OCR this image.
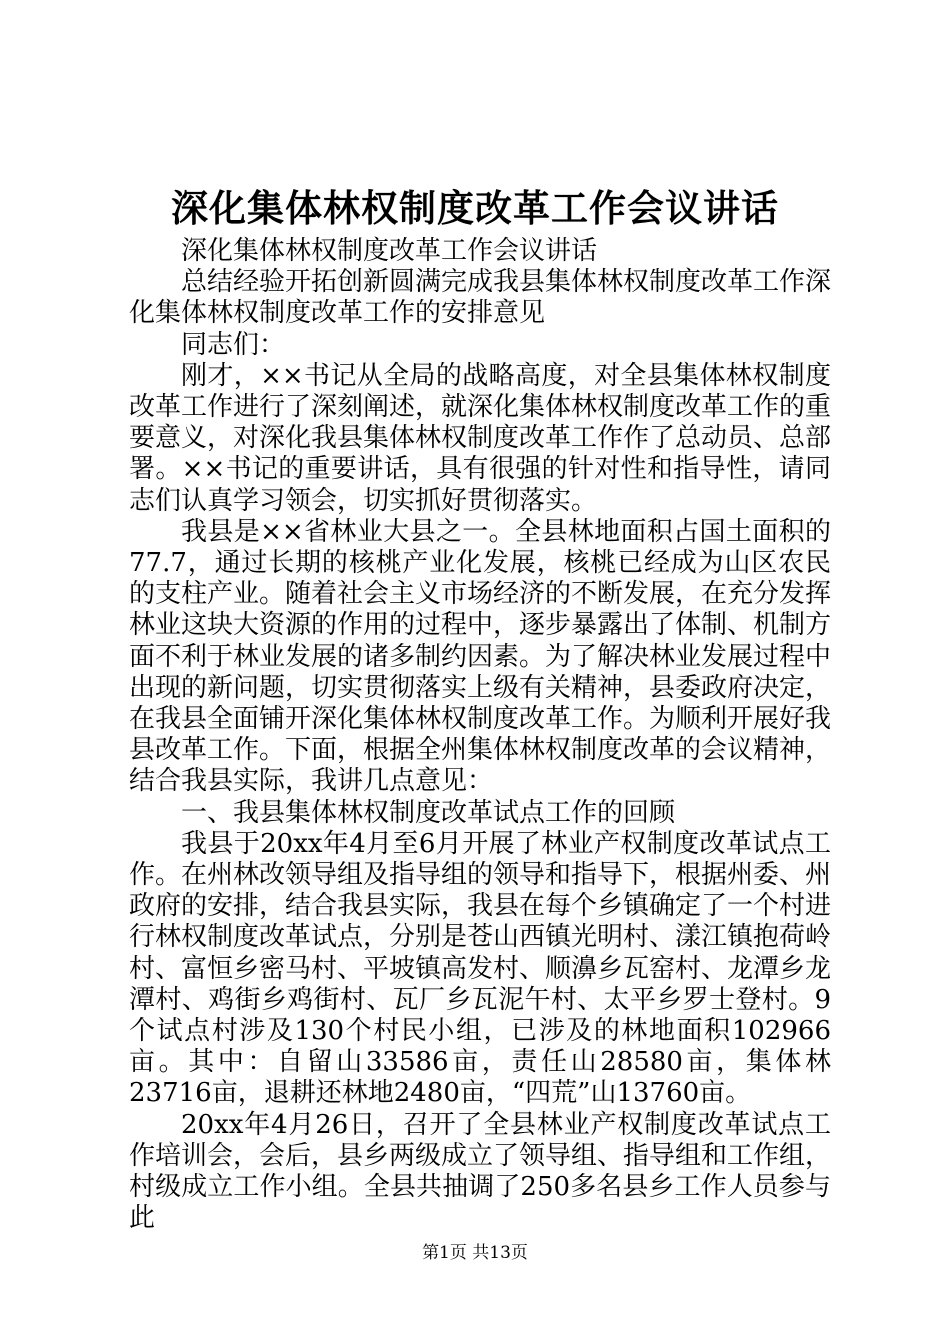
深化集体林权制度改革工作会议讲话

深化集体林权制度改革工作会议讲话

总结经验开拓创新圆满完成我县集体林权制度改革工作深化集体林权制度改革工作的安排意见

同志们：

刚才，××书记从全局的战略高度，对全县集体林权制度改革工作进行了深刻阐述，就深化集体林权制度改革工作的重要意义，对深化我县集体林权制度改革工作作了总动员、总部署。××书记的重要讲话，具有很强的针对性和指导性，请同志们认真学习领会，切实抓好贯彻落实。

我县是××省林业大县之一。全县林地面积占国土面积的77.7，通过长期的核桃产业化发展，核桃已经成为山区农民的支柱产业。随着社会主义市场经济的不断发展，在充分发挥林业这块大资源的作用的过程中，逐步暴露出了体制、机制方面不利于林业发展的诸多制约因素。为了解决林业发展过程中出现的新问题，切实贯彻落实上级有关精神，县委政府决定，在我县全面铺开深化集体林权制度改革工作。为顺利开展好我县改革工作。下面，根据全州集体林权制度改革的会议精神，结合我县实际，我讲几点意见：

一、我县集体林权制度改革试点工作的回顾

我县于20xx年4月至6月开展了林业产权制度改革试点工作。在州林改领导组及指导组的领导和指导下，根据州委、州政府的安排，结合我县实际，我县在每个乡镇确定了一个村进行林权制度改革试点，分别是苍山西镇光明村、漾江镇抱荷岭村、富恒乡密马村、平坡镇高发村、顺濞乡瓦窑村、龙潭乡龙潭村、鸡街乡鸡街村、瓦厂乡瓦泥午村、太平乡罗士登村。9个试点村涉及130个村民小组，已涉及的林地面积102966亩。其中：自留山33586亩，责任山28580亩，集体林23716亩，退耕还林地2480亩，“四荒”山13760亩。

20xx年4月26日，召开了全县林业产权制度改革试点工作培训会，会后，县乡两级成立了领导组、指导组和工作组，村级成立工作小组。全县共抽调了250多名县乡工作人员参与此

第1页 共13页
